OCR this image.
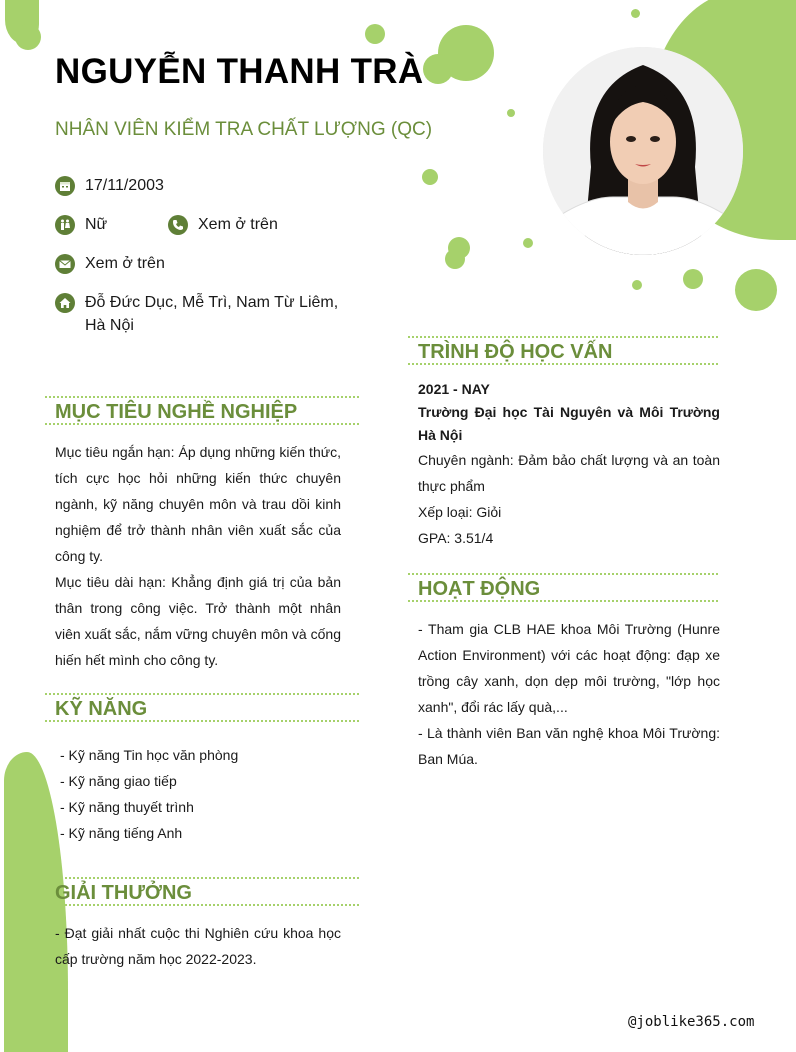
NGUYỄN THANH TRÀ
NHÂN VIÊN KIỂM TRA CHẤT LƯỢNG (QC)
17/11/2003
Nữ	Xem ở trên
Xem ở trên
Đỗ Đức Dục, Mễ Trì, Nam Từ Liêm,
Hà Nội
MỤC TIÊU NGHỀ NGHIỆP

Mục tiêu ngắn hạn: Áp dụng những kiến thức, tích cực học hỏi những kiến thức chuyên ngành, kỹ năng chuyên môn và trau dồi kinh nghiệm để trở thành nhân viên xuất sắc của công ty.

Mục tiêu dài hạn: Khẳng định giá trị của bản thân trong công việc. Trở thành một nhân viên xuất sắc, nắm vững chuyên môn và cống hiến hết mình cho công ty.

KỸ NĂNG
- Kỹ năng Tin học văn phòng
- Kỹ năng giao tiếp
- Kỹ năng thuyết trình
- Kỹ năng tiếng Anh
GIẢI THƯỞNG

- Đạt giải nhất cuộc thi Nghiên cứu khoa học cấp trường năm học 2022-2023.

TRÌNH ĐỘ HỌC VẤN

2021 - NAY

Trường Đại học Tài Nguyên và Môi Trường Hà Nội

Chuyên ngành: Đảm bảo chất lượng và an toàn thực phẩm

Xếp loại: Giỏi

GPA: 3.51/4

HOẠT ĐỘNG

- Tham gia CLB HAE khoa Môi Trường (Hunre Action Environment) với các hoạt động: đạp xe trồng cây xanh, dọn dẹp môi trường, "lớp học xanh", đổi rác lấy quà,...

- Là thành viên Ban văn nghệ khoa Môi Trường: Ban Múa.

@joblike365.com
